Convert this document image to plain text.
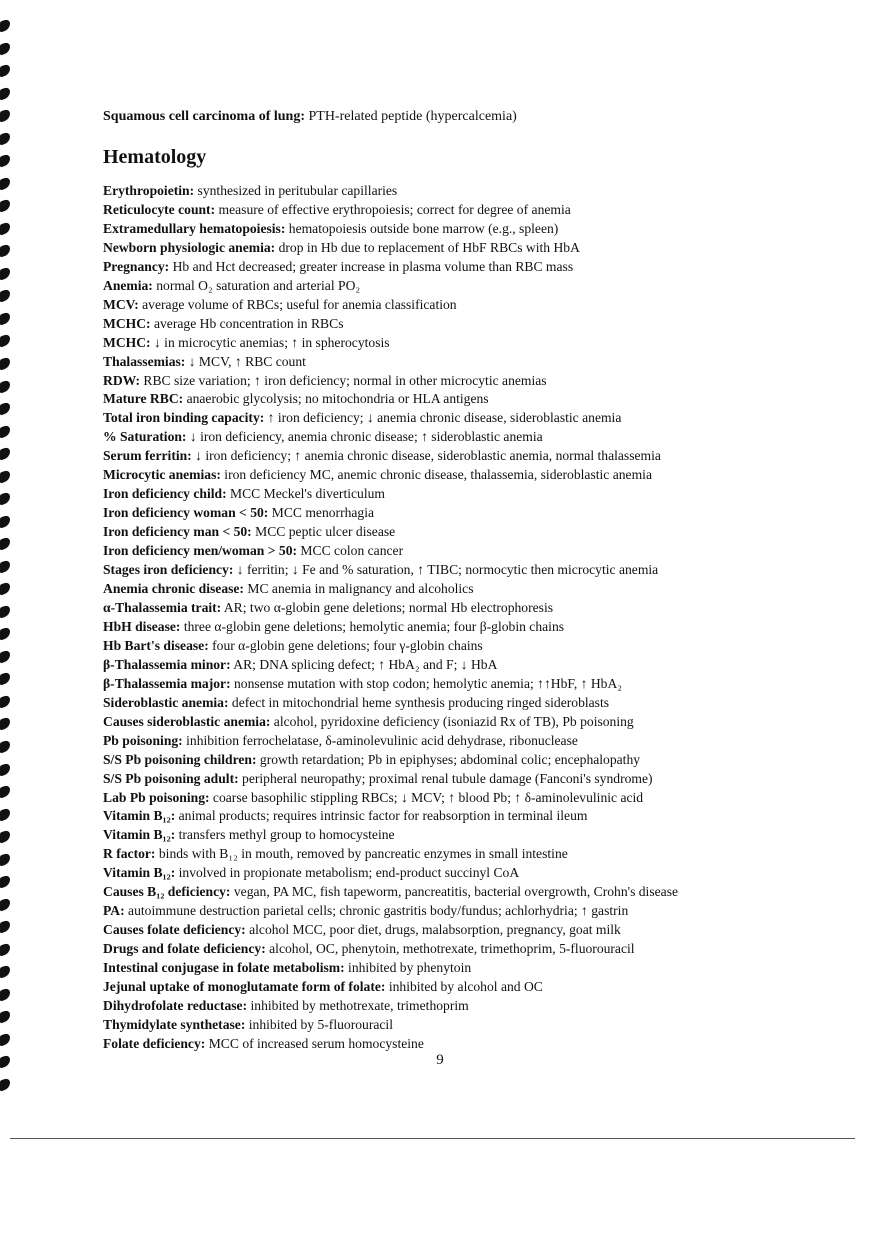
Squamous cell carcinoma of lung: PTH-related peptide (hypercalcemia)

Hematology
Erythropoietin: synthesized in peritubular capillaries
Reticulocyte count: measure of effective erythropoiesis; correct for degree of anemia
Extramedullary hematopoiesis: hematopoiesis outside bone marrow (e.g., spleen)
Newborn physiologic anemia: drop in Hb due to replacement of HbF RBCs with HbA
Pregnancy: Hb and Hct decreased; greater increase in plasma volume than RBC mass
Anemia: normal O₂ saturation and arterial PO₂
MCV: average volume of RBCs; useful for anemia classification
MCHC: average Hb concentration in RBCs
MCHC: ↓ in microcytic anemias; ↑ in spherocytosis
Thalassemias: ↓ MCV, ↑ RBC count
RDW: RBC size variation; ↑ iron deficiency; normal in other microcytic anemias
Mature RBC: anaerobic glycolysis; no mitochondria or HLA antigens
Total iron binding capacity: ↑ iron deficiency; ↓ anemia chronic disease, sideroblastic anemia
% Saturation: ↓ iron deficiency, anemia chronic disease; ↑ sideroblastic anemia
Serum ferritin: ↓ iron deficiency; ↑ anemia chronic disease, sideroblastic anemia, normal thalassemia
Microcytic anemias: iron deficiency MC, anemic chronic disease, thalassemia, sideroblastic anemia
Iron deficiency child: MCC Meckel's diverticulum
Iron deficiency woman < 50: MCC menorrhagia
Iron deficiency man < 50: MCC peptic ulcer disease
Iron deficiency men/woman > 50: MCC colon cancer
Stages iron deficiency: ↓ ferritin; ↓ Fe and % saturation, ↑ TIBC; normocytic then microcytic anemia
Anemia chronic disease: MC anemia in malignancy and alcoholics
α-Thalassemia trait: AR; two α-globin gene deletions; normal Hb electrophoresis
HbH disease: three α-globin gene deletions; hemolytic anemia; four β-globin chains
Hb Bart's disease: four α-globin gene deletions; four γ-globin chains
β-Thalassemia minor: AR; DNA splicing defect; ↑ HbA₂ and F; ↓ HbA
β-Thalassemia major: nonsense mutation with stop codon; hemolytic anemia; ↑↑HbF, ↑ HbA₂
Sideroblastic anemia: defect in mitochondrial heme synthesis producing ringed sideroblasts
Causes sideroblastic anemia: alcohol, pyridoxine deficiency (isoniazid Rx of TB), Pb poisoning
Pb poisoning: inhibition ferrochelatase, δ-aminolevulinic acid dehydrase, ribonuclease
S/S Pb poisoning children: growth retardation; Pb in epiphyses; abdominal colic; encephalopathy
S/S Pb poisoning adult: peripheral neuropathy; proximal renal tubule damage (Fanconi's syndrome)
Lab Pb poisoning: coarse basophilic stippling RBCs; ↓ MCV; ↑ blood Pb; ↑ δ-aminolevulinic acid
Vitamin B₁₂: animal products; requires intrinsic factor for reabsorption in terminal ileum
Vitamin B₁₂: transfers methyl group to homocysteine
R factor: binds with B₁₂ in mouth, removed by pancreatic enzymes in small intestine
Vitamin B₁₂: involved in propionate metabolism; end-product succinyl CoA
Causes B₁₂ deficiency: vegan, PA MC, fish tapeworm, pancreatitis, bacterial overgrowth, Crohn's disease
PA: autoimmune destruction parietal cells; chronic gastritis body/fundus; achlorhydria; ↑ gastrin
Causes folate deficiency: alcohol MCC, poor diet, drugs, malabsorption, pregnancy, goat milk
Drugs and folate deficiency: alcohol, OC, phenytoin, methotrexate, trimethoprim, 5-fluorouracil
Intestinal conjugase in folate metabolism: inhibited by phenytoin
Jejunal uptake of monoglutamate form of folate: inhibited by alcohol and OC
Dihydrofolate reductase: inhibited by methotrexate, trimethoprim
Thymidylate synthetase: inhibited by 5-fluorouracil
Folate deficiency: MCC of increased serum homocysteine
9
